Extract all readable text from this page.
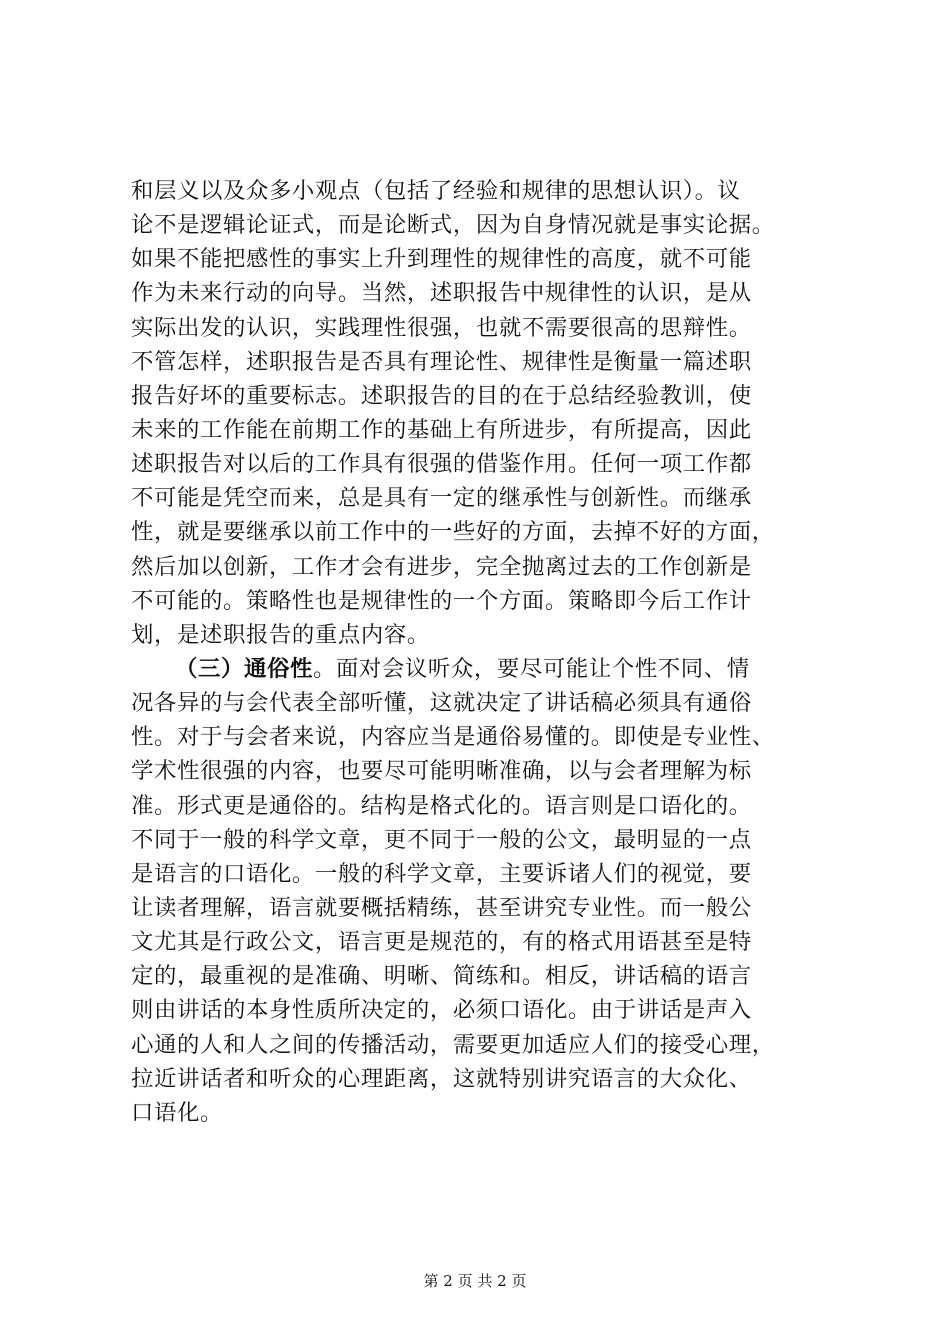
和层义以及众多小观点（包括了经验和规律的思想认识）。议
论不是逻辑论证式，而是论断式，因为自身情况就是事实论据。
如果不能把感性的事实上升到理性的规律性的高度，就不可能
作为未来行动的向导。当然，述职报告中规律性的认识，是从
实际出发的认识，实践理性很强，也就不需要很高的思辩性。
不管怎样，述职报告是否具有理论性、规律性是衡量一篇述职
报告好坏的重要标志。述职报告的目的在于总结经验教训，使
未来的工作能在前期工作的基础上有所进步，有所提高，因此
述职报告对以后的工作具有很强的借鉴作用。任何一项工作都
不可能是凭空而来，总是具有一定的继承性与创新性。而继承
性，就是要继承以前工作中的一些好的方面，去掉不好的方面，
然后加以创新，工作才会有进步，完全抛离过去的工作创新是
不可能的。策略性也是规律性的一个方面。策略即今后工作计
划，是述职报告的重点内容。
（三）通俗性。面对会议听众，要尽可能让个性不同、情
况各异的与会代表全部听懂，这就决定了讲话稿必须具有通俗
性。对于与会者来说，内容应当是通俗易懂的。即使是专业性、
学术性很强的内容，也要尽可能明晰准确，以与会者理解为标
准。形式更是通俗的。结构是格式化的。语言则是口语化的。
不同于一般的科学文章，更不同于一般的公文，最明显的一点
是语言的口语化。一般的科学文章，主要诉诸人们的视觉，要
让读者理解，语言就要概括精练，甚至讲究专业性。而一般公
文尤其是行政公文，语言更是规范的，有的格式用语甚至是特
定的，最重视的是准确、明晰、简练和。相反，讲话稿的语言
则由讲话的本身性质所决定的，必须口语化。由于讲话是声入
心通的人和人之间的传播活动，需要更加适应人们的接受心理，
拉近讲话者和听众的心理距离，这就特别讲究语言的大众化、
口语化。
第 2 页 共 2 页
